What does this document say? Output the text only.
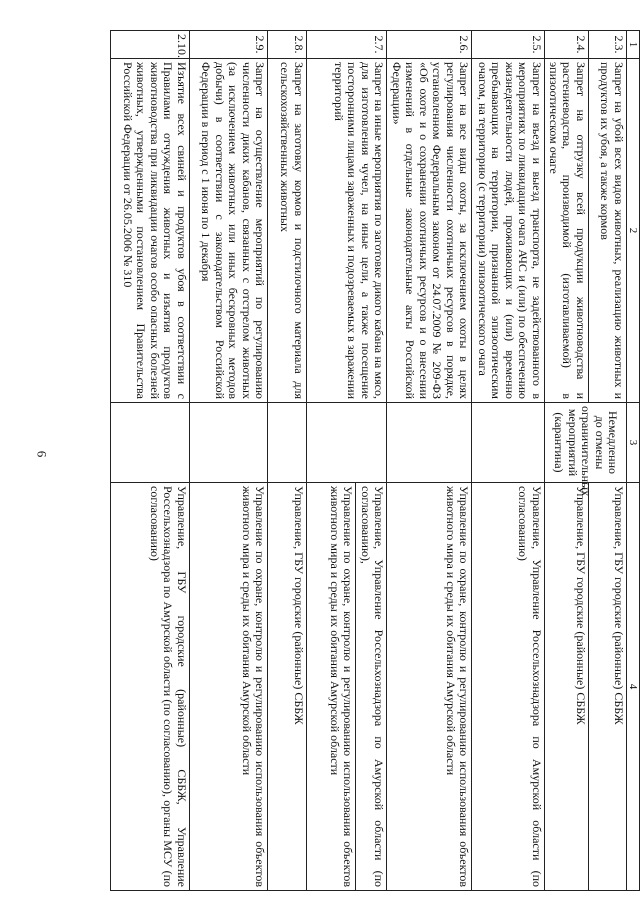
6
1	2	3	4
2.3.	Запрет на убой всех видов животных, реализацию животных и продуктов их убоя, а также кормов	Немедленно до отмены ограничительных мероприятий (карантина)	Управление, ГБУ городские (районные) СББЖ

2.4.	Запрет на отгрузку всей продукции животноводства и растениеводства, производимой (изготавливаемой) в эпизоотическом очаге		Управление, ГБУ городские (районные) СББЖ

2.5.	Запрет на въезд и выезд транспорта, не задействованного в мероприятиях по ликвидации очага АЧС и (или) по обеспечению жизнедеятельности людей, проживающих и (или) временно пребывающих на территории, признанной эпизоотическим очагом, на территорию (с территории) эпизоотического очага		Управление, Управление Россельхознадзора по Амурской области (по согласованию)

2.6.	Запрет на все виды охоты, за исключением охоты в целях регулирования численности охотничьих ресурсов в порядке, установленном Федеральным законом от 24.07.2009 № 209-ФЗ «Об охоте и о сохранении охотничьих ресурсов и о внесении изменений в отдельные законодательные акты Российской Федерации»		Управление по охране, контролю и регулированию использования объектов животного мира и среды их обитания Амурской области

2.7.	Запрет на иные мероприятия по заготовке дикого кабана на мясо, для изготовления чучел, на иные цели, а также посещение посторонними лицами зараженных и подозреваемых в заражении территорий		Управление, Управление Россельхознадзора по Амурской области (по согласованию),
Управление по охране, контролю и регулированию использования объектов животного мира и среды их обитания Амурской области

2.8.	Запрет на заготовку кормов и подстилочного материала для сельскохозяйственных животных		Управление, ГБУ городские (районные) СББЖ

2.9.	Запрет на осуществление мероприятий по регулированию численности диких кабанов, связанных с отстрелом животных (за исключением животных или иных бескровных методов добычи) в соответствии с законодательством Российской Федерации в период с 1 июня по 1 декабря		Управление по охране, контролю и регулированию использования объектов животного мира и среды их обитания Амурской области

2.10.	Изъятие всех свиней и продуктов убоя в соответствии с Правилами отчуждения животных и изъятия продуктов животноводства при ликвидации очагов особо опасных болезней животных, утвержденными постановлением Правительства Российской Федерации от 26.05.2006 № 310		Управление, ГБУ городские (районные) СББЖ, Управление Россельхознадзора по Амурской области (по согласованию), органы МСУ (по согласованию)
